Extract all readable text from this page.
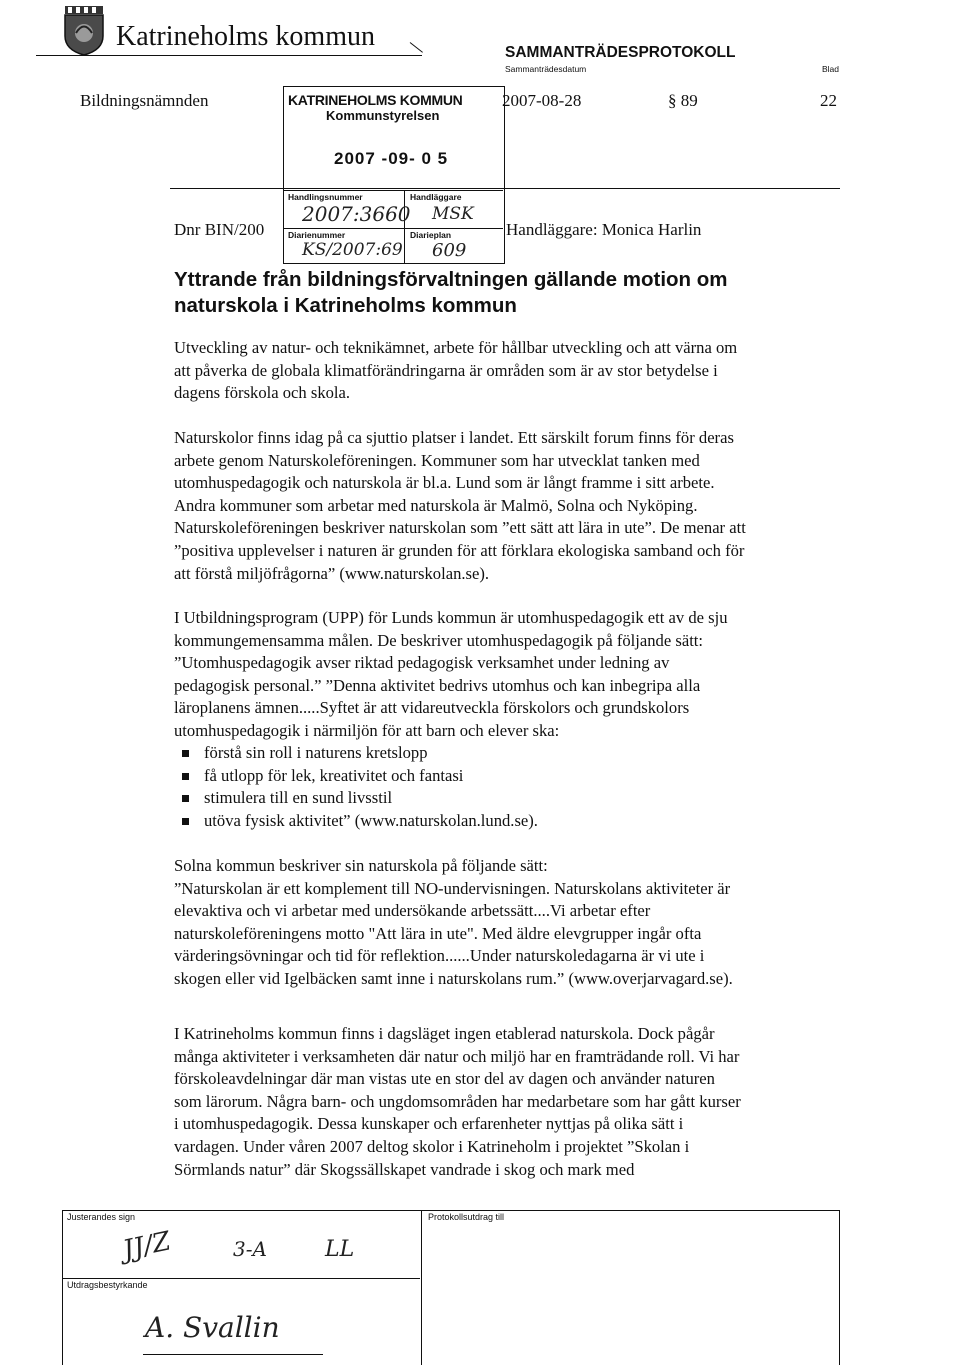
Katrineholms kommun
SAMMANTRÄDESPROTOKOLL
Sammanträdesdatum	Blad
Bildningsnämnden	2007-08-28	§ 89	22
KATRINEHOLMS KOMMUN
Kommunstyrelsen
2007 -09- 0 5
Handlingsnummer	Handläggare
2007:3660 MSK
Diarienummer	Diarieplan
KS/2007:69 609
Dnr BIN/200	Handläggare: Monica Harlin
Yttrande från bildningsförvaltningen gällande motion om
naturskola i Katrineholms kommun
Utveckling av natur- och teknikämnet, arbete för hållbar utveckling och att värna om
att påverka de globala klimatförändringarna är områden som är av stor betydelse i
dagens förskola och skola.
Naturskolor finns idag på ca sjuttio platser i landet. Ett särskilt forum finns för deras
arbete genom Naturskoleföreningen. Kommuner som har utvecklat tanken med
utomhuspedagogik och naturskola är bl.a. Lund som är långt framme i sitt arbete.
Andra kommuner som arbetar med naturskola är Malmö, Solna och Nyköping.
Naturskoleföreningen beskriver naturskolan som ”ett sätt att lära in ute”. De menar att
”positiva upplevelser i naturen är grunden för att förklara ekologiska samband och för
att förstå miljöfrågorna” (www.naturskolan.se).
I Utbildningsprogram (UPP) för Lunds kommun är utomhuspedagogik ett av de sju
kommungemensamma målen. De beskriver utomhuspedagogik på följande sätt:
”Utomhuspedagogik avser riktad pedagogisk verksamhet under ledning av
pedagogisk personal.” ”Denna aktivitet bedrivs utomhus och kan inbegripa alla
läroplanens ämnen.....Syftet är att vidareutveckla förskolors och grundskolors
utomhuspedagogik i närmiljön för att barn och elever ska:
förstå sin roll i naturens kretslopp
få utlopp för lek, kreativitet och fantasi
stimulera till en sund livsstil
utöva fysisk aktivitet” (www.naturskolan.lund.se).
Solna kommun beskriver sin naturskola på följande sätt:
”Naturskolan är ett komplement till NO-undervisningen. Naturskolans aktiviteter är
elevaktiva och vi arbetar med undersökande arbetssätt....Vi arbetar efter
naturskoleföreningens motto "Att lära in ute". Med äldre elevgrupper ingår ofta
värderingsövningar och tid för reflektion......Under naturskoledagarna är vi ute i
skogen eller vid Igelbäcken samt inne i naturskolans rum.” (www.overjarvagard.se).
I Katrineholms kommun finns i dagsläget ingen etablerad naturskola. Dock pågår
många aktiviteter i verksamheten där natur och miljö har en framträdande roll. Vi har
förskoleavdelningar där man vistas ute en stor del av dagen och använder naturen
som lärorum. Några barn- och ungdomsområden har medarbetare som har gått kurser
i utomhuspedagogik. Dessa kunskaper och erfarenheter nyttjas på olika sätt i
vardagen. Under våren 2007 deltog skolor i Katrineholm i projektet ”Skolan i
Sörmlands natur” där Skogssällskapet vandrade i skog och mark med
Justerandes sign
JJ/Z	3-A	LL
Utdragsbestyrkande
A. Svallin
Protokollsutdrag till
